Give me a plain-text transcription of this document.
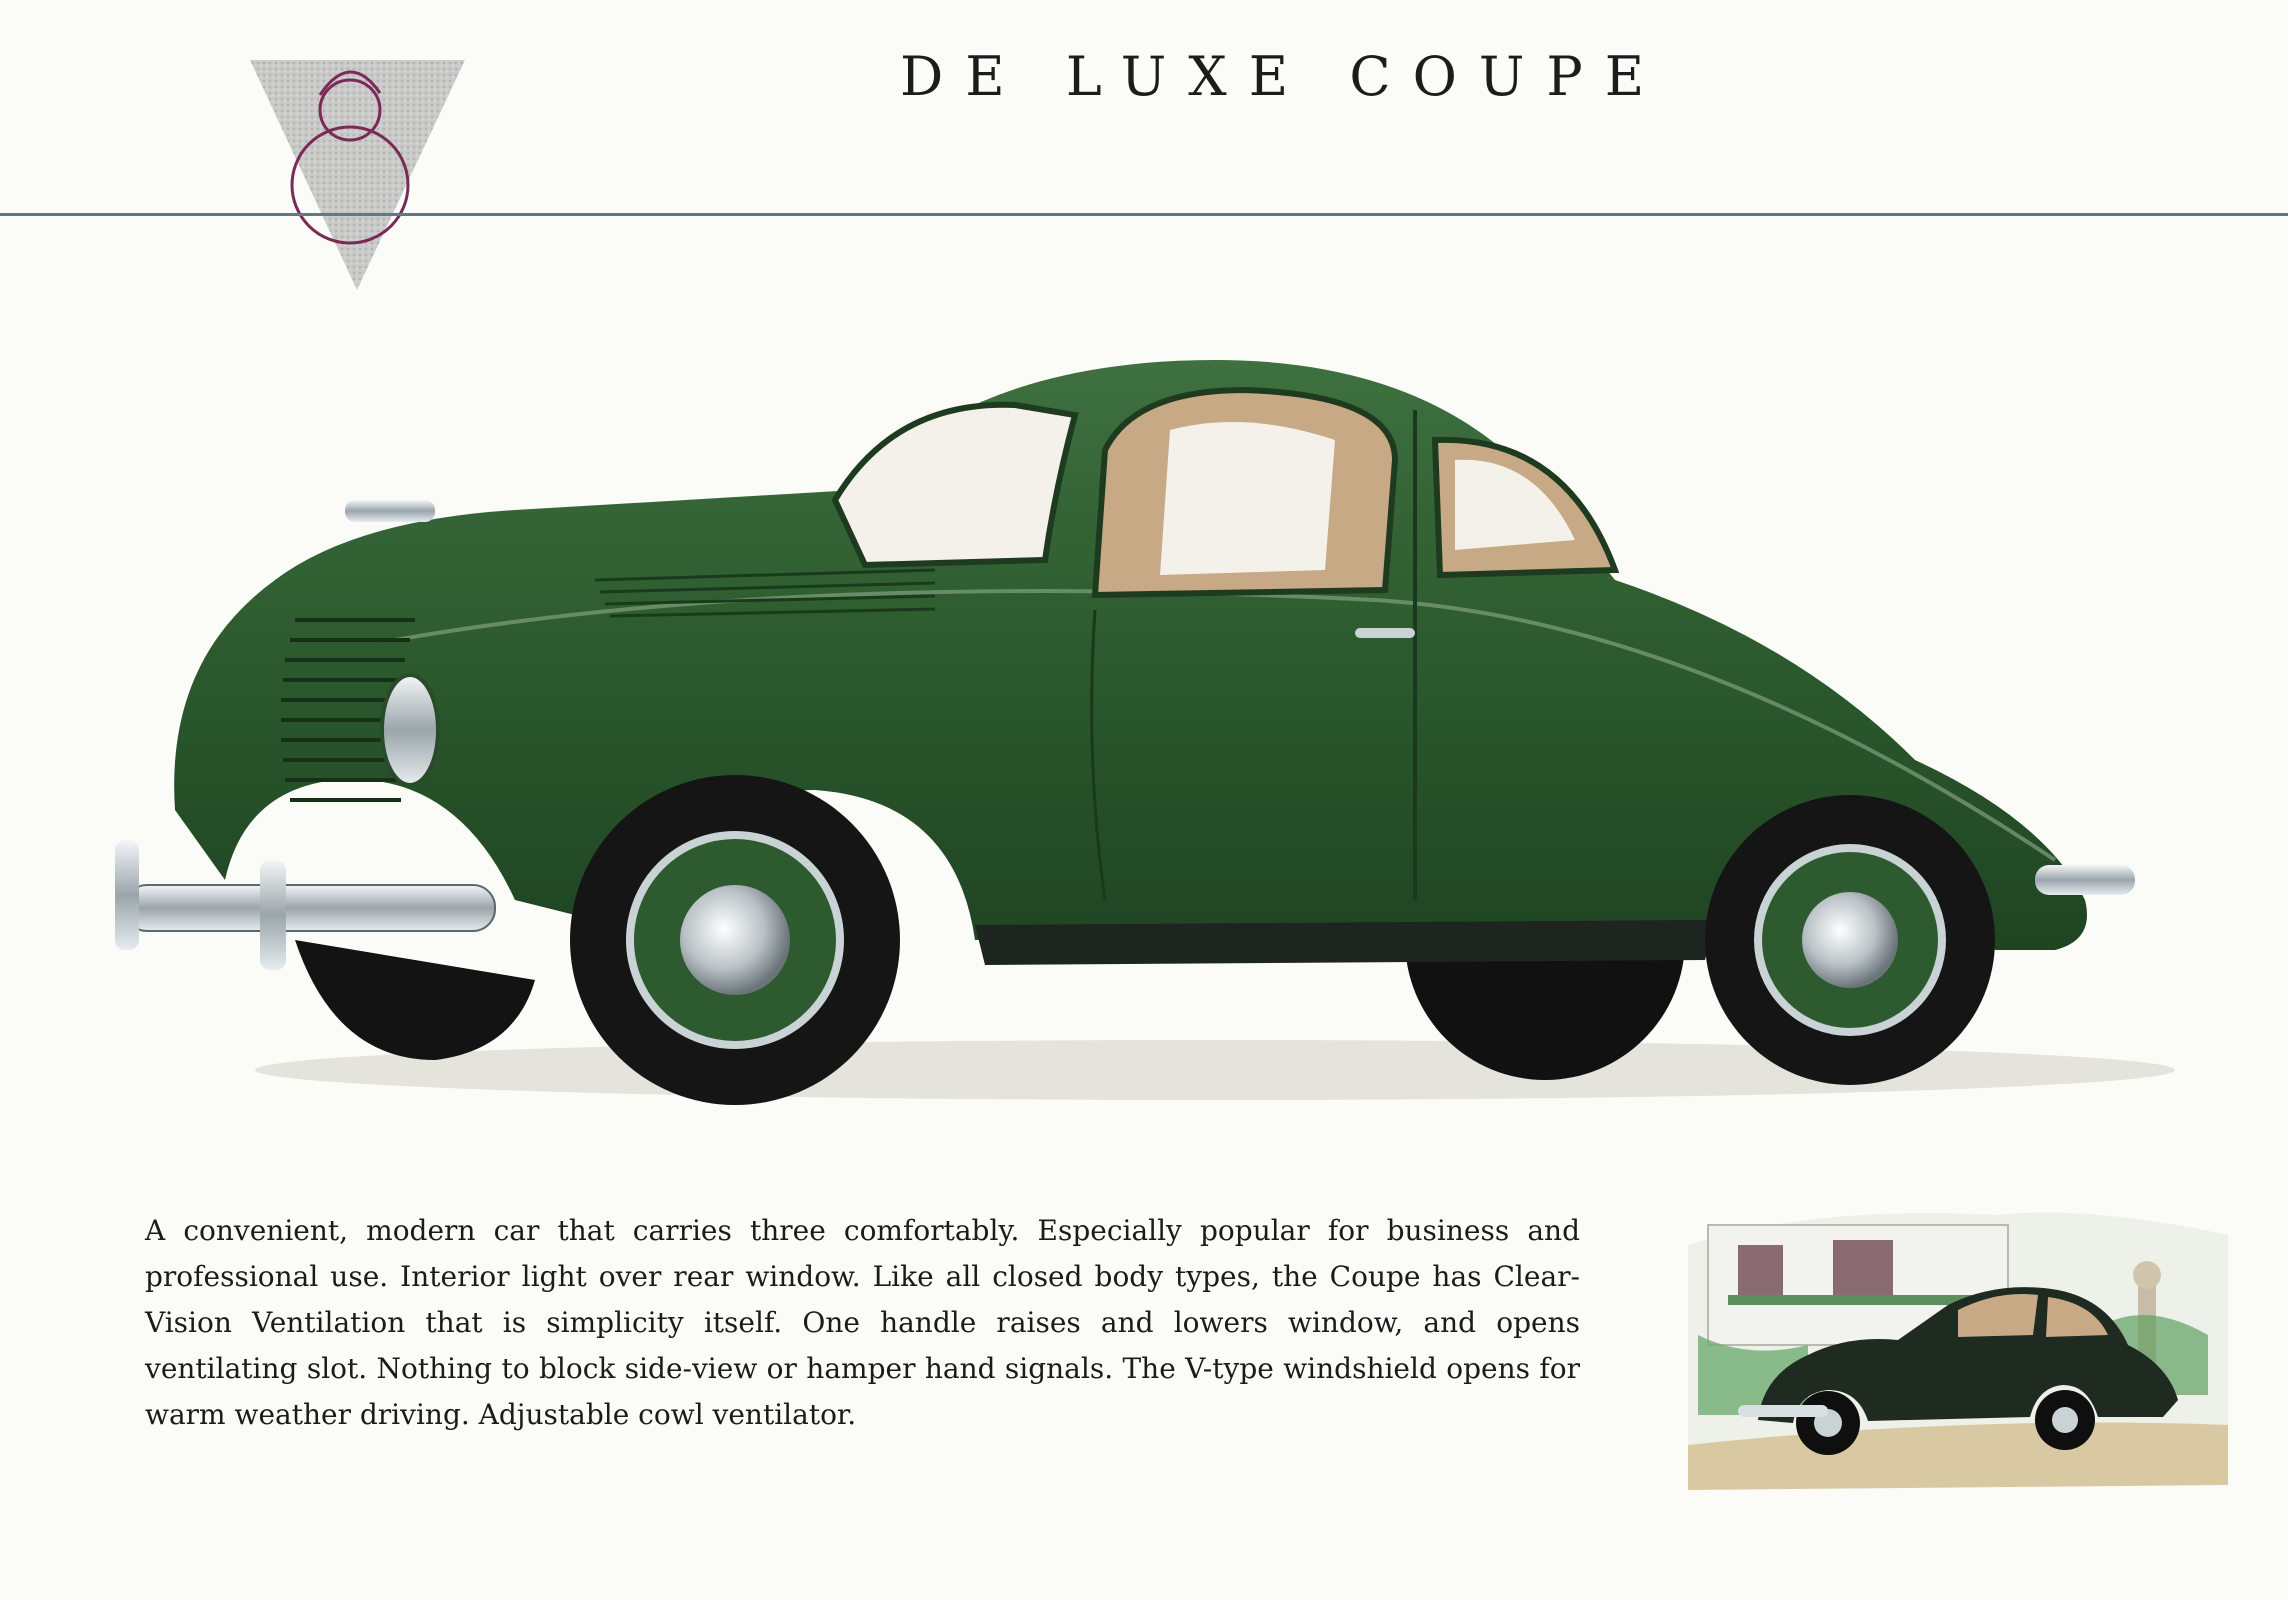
DE LUXE COUPE
A convenient, modern car that carries three comfortably. Especially popular for business and professional use. Interior light over rear window. Like all closed body types, the Coupe has Clear-Vision Ventilation that is simplicity itself. One handle raises and lowers window, and opens ventilating slot. Nothing to block side-view or hamper hand signals. The V-type windshield opens for warm weather driving. Adjustable cowl ventilator.
